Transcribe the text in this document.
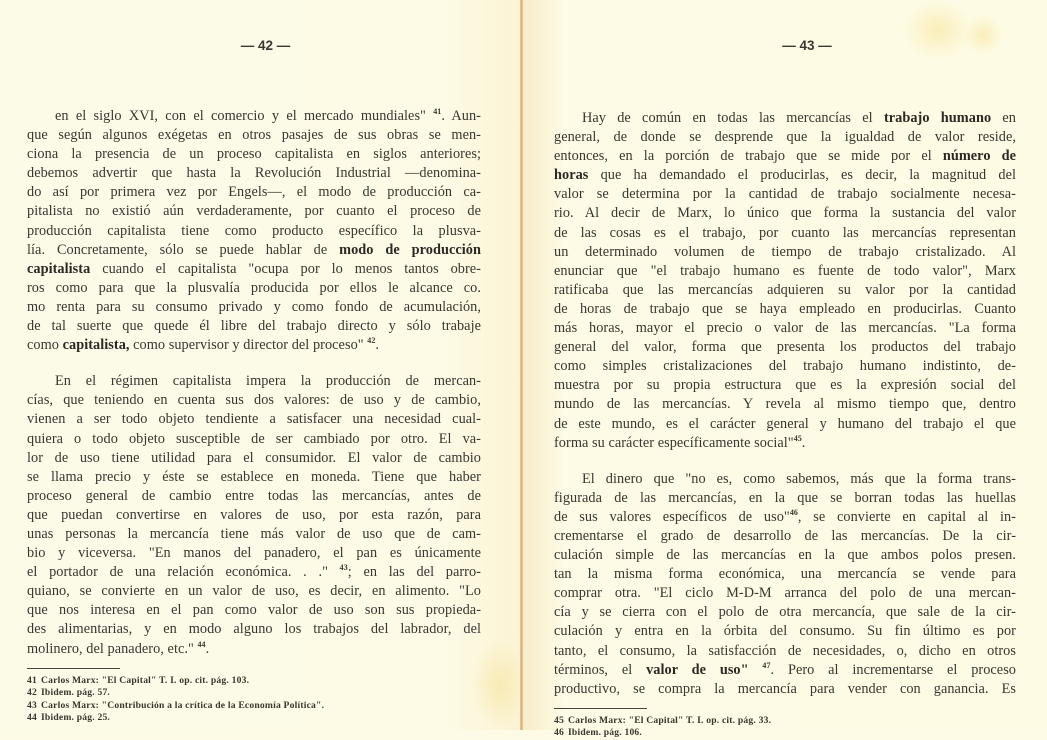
— 42 —
en el siglo XVI, con el comercio y el mercado mundiales" $^{41}$. Aun-
que según algunos exégetas en otros pasajes de sus obras se men-
ciona la presencia de un proceso capitalista en siglos anteriores;
debemos advertir que hasta la Revolución Industrial —denomina-
do así por primera vez por Engels—, el modo de producción ca-
pitalista no existió aún verdaderamente, por cuanto el proceso de
producción capitalista tiene como producto específico la plusva-
lía. Concretamente, sólo se puede hablar de modo de producción
capitalista cuando el capitalista "ocupa por lo menos tantos obre-
ros como para que la plusvalía producida por ellos le alcance co.
mo renta para su consumo privado y como fondo de acumulación,
de tal suerte que quede él libre del trabajo directo y sólo trabaje
como capitalista, como supervisor y director del proceso" $^{42}$.
En el régimen capitalista impera la producción de mercan-
cías, que teniendo en cuenta sus dos valores: de uso y de cambio,
vienen a ser todo objeto tendiente a satisfacer una necesidad cual-
quiera o todo objeto susceptible de ser cambiado por otro. El va-
lor de uso tiene utilidad para el consumidor. El valor de cambio
se llama precio y éste se establece en moneda. Tiene que haber
proceso general de cambio entre todas las mercancías, antes de
que puedan convertirse en valores de uso, por esta razón, para
unas personas la mercancía tiene más valor de uso que de cam-
bio y viceversa. "En manos del panadero, el pan es únicamente
el portador de una relación económica. . ." $^{43}$; en las del parro-
quiano, se convierte en un valor de uso, es decir, en alimento. "Lo
que nos interesa en el pan como valor de uso son sus propieda-
des alimentarias, y en modo alguno los trabajos del labrador, del
molinero, del panadero, etc." $^{44}$.
41 Carlos Marx: "El Capital" T. I. op. cit. pág. 103.
42 Ibidem. pág. 57.
43 Carlos Marx: "Contribución a la crítica de la Economía Política".
44 Ibidem. pág. 25.
— 43 —
Hay de común en todas las mercancías el trabajo humano en
general, de donde se desprende que la igualdad de valor reside,
entonces, en la porción de trabajo que se mide por el número de
horas que ha demandado el producirlas, es decir, la magnitud del
valor se determina por la cantidad de trabajo socialmente necesa-
rio. Al decir de Marx, lo único que forma la sustancia del valor
de las cosas es el trabajo, por cuanto las mercancías representan
un determinado volumen de tiempo de trabajo cristalizado. Al
enunciar que "el trabajo humano es fuente de todo valor", Marx
ratificaba que las mercancías adquieren su valor por la cantidad
de horas de trabajo que se haya empleado en producirlas. Cuanto
más horas, mayor el precio o valor de las mercancías. "La forma
general del valor, forma que presenta los productos del trabajo
como simples cristalizaciones del trabajo humano indistinto, de-
muestra por su propia estructura que es la expresión social del
mundo de las mercancías. Y revela al mismo tiempo que, dentro
de este mundo, es el carácter general y humano del trabajo el que
forma su carácter específicamente social"$^{45}$.
El dinero que "no es, como sabemos, más que la forma trans-
figurada de las mercancías, en la que se borran todas las huellas
de sus valores específicos de uso"$^{46}$, se convierte en capital al in-
crementarse el grado de desarrollo de las mercancías. De la cir-
culación simple de las mercancías en la que ambos polos presen.
tan la misma forma económica, una mercancía se vende para
comprar otra. "El ciclo M-D-M arranca del polo de una mercan-
cía y se cierra con el polo de otra mercancía, que sale de la cir-
culación y entra en la órbita del consumo. Su fin último es por
tanto, el consumo, la satisfacción de necesidades, o, dicho en otros
términos, el valor de uso" $^{47}$. Pero al incrementarse el proceso
productivo, se compra la mercancía para vender con ganancia. Es
45 Carlos Marx: "El Capital" T. I. op. cit. pág. 33.
46 Ibidem. pág. 106.
